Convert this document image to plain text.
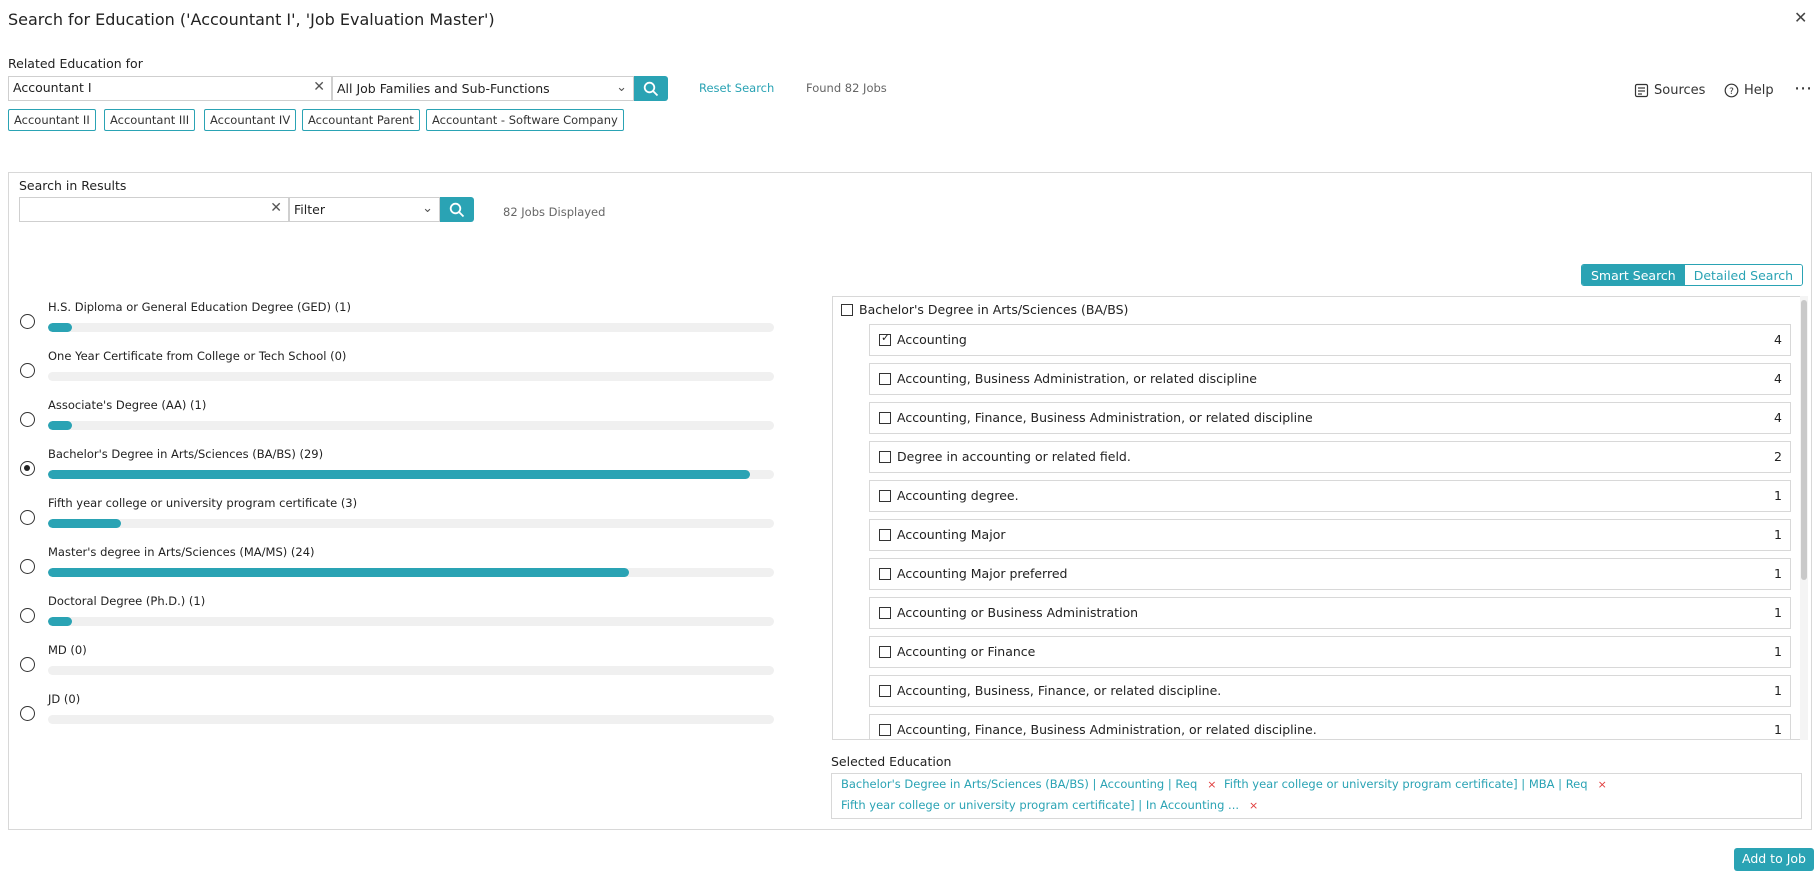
Search for Education ('Accountant I', 'Job Evaluation Master')	✕
Related Education for
Accountant I
✕ All Job Families and Sub-Functions	⌄	Reset Search	Found 82 Jobs	Sources	? Help ⋯
Search in Results
✕ Filter	⌄	82 Jobs Displayed
Smart Search	Detailed Search
Selected Education
Add to Job
Accountant II	Accountant III	Accountant IV	Accountant Parent	Accountant - Software Company
H.S. Diploma or General Education Degree (GED) (1)
One Year Certificate from College or Tech School (0)
Associate's Degree (AA) (1)
Bachelor's Degree in Arts/Sciences (BA/BS) (29)
Fifth year college or university program certificate (3)
Master's degree in Arts/Sciences (MA/MS) (24)
Doctoral Degree (Ph.D.) (1)
MD (0)
JD (0)
Bachelor's Degree in Arts/Sciences (BA/BS)
✓
Accounting	4
Accounting, Business Administration, or related discipline	4
Accounting, Finance, Business Administration, or related discipline	4
Degree in accounting or related field.	2
Accounting degree.	1
Accounting Major	1
Accounting Major preferred	1
Accounting or Business Administration	1
Accounting or Finance	1
Accounting, Business, Finance, or related discipline.	1
Accounting, Finance, Business Administration, or related discipline.	1
Bachelor's Degree in Arts/Sciences (BA/BS) | Accounting | Req × Fifth year college or university program certificate] | MBA | Req ×
Fifth year college or university program certificate] | In Accounting ... ×
